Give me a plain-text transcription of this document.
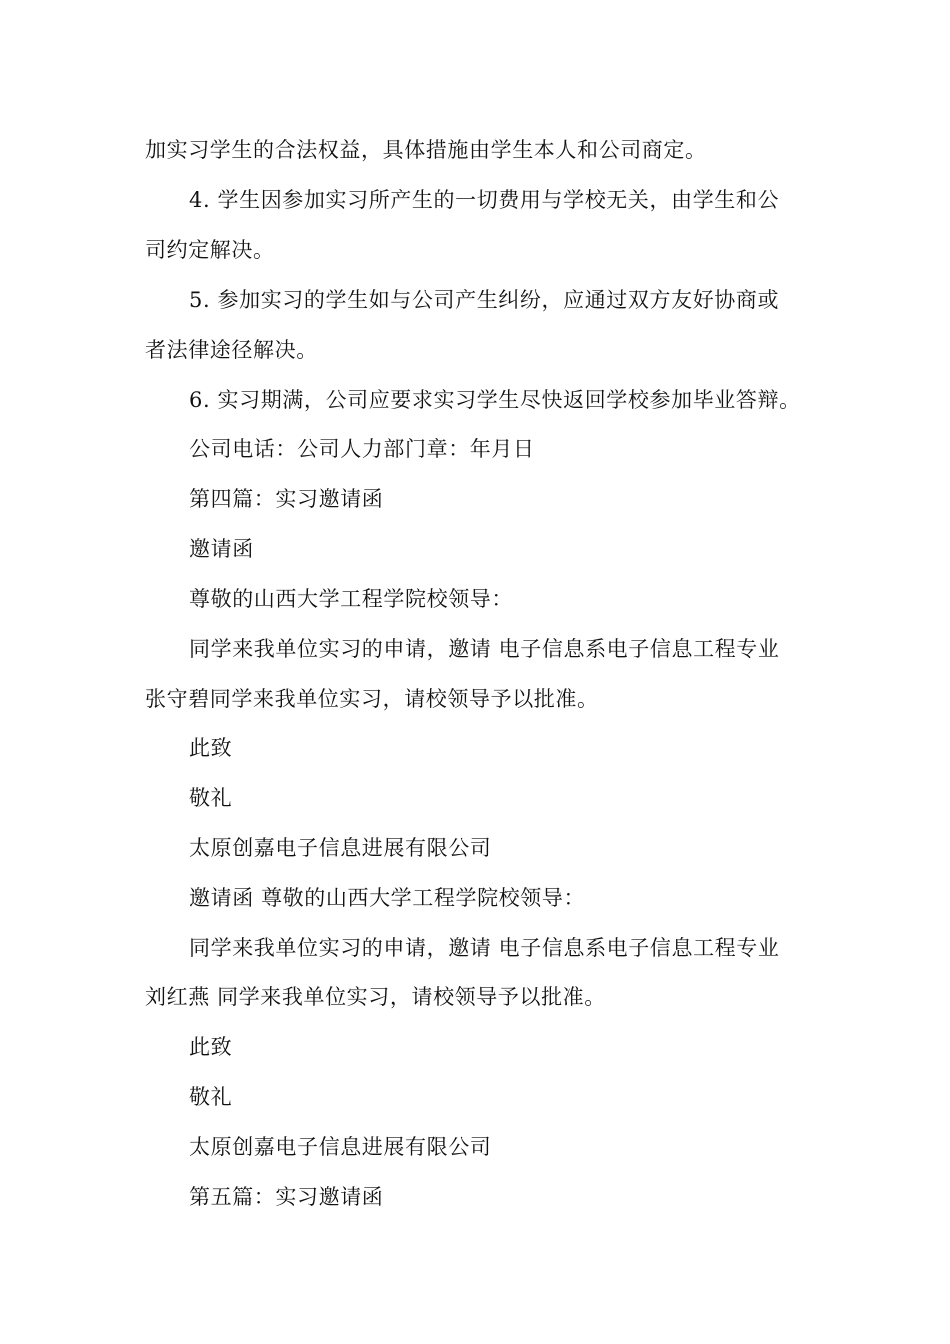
加实习学生的合法权益，具体措施由学生本人和公司商定。
4. 学生因参加实习所产生的一切费用与学校无关，由学生和公
司约定解决。
5. 参加实习的学生如与公司产生纠纷，应通过双方友好协商或
者法律途径解决。
6. 实习期满，公司应要求实习学生尽快返回学校参加毕业答辩。
公司电话：公司人力部门章：年月日
第四篇：实习邀请函
邀请函
尊敬的山西大学工程学院校领导：
同学来我单位实习的申请，邀请 电子信息系电子信息工程专业
张守碧同学来我单位实习，请校领导予以批准。
此致
敬礼
太原创嘉电子信息进展有限公司
邀请函 尊敬的山西大学工程学院校领导：
同学来我单位实习的申请，邀请 电子信息系电子信息工程专业
刘红燕 同学来我单位实习，请校领导予以批准。
此致
敬礼
太原创嘉电子信息进展有限公司
第五篇：实习邀请函
